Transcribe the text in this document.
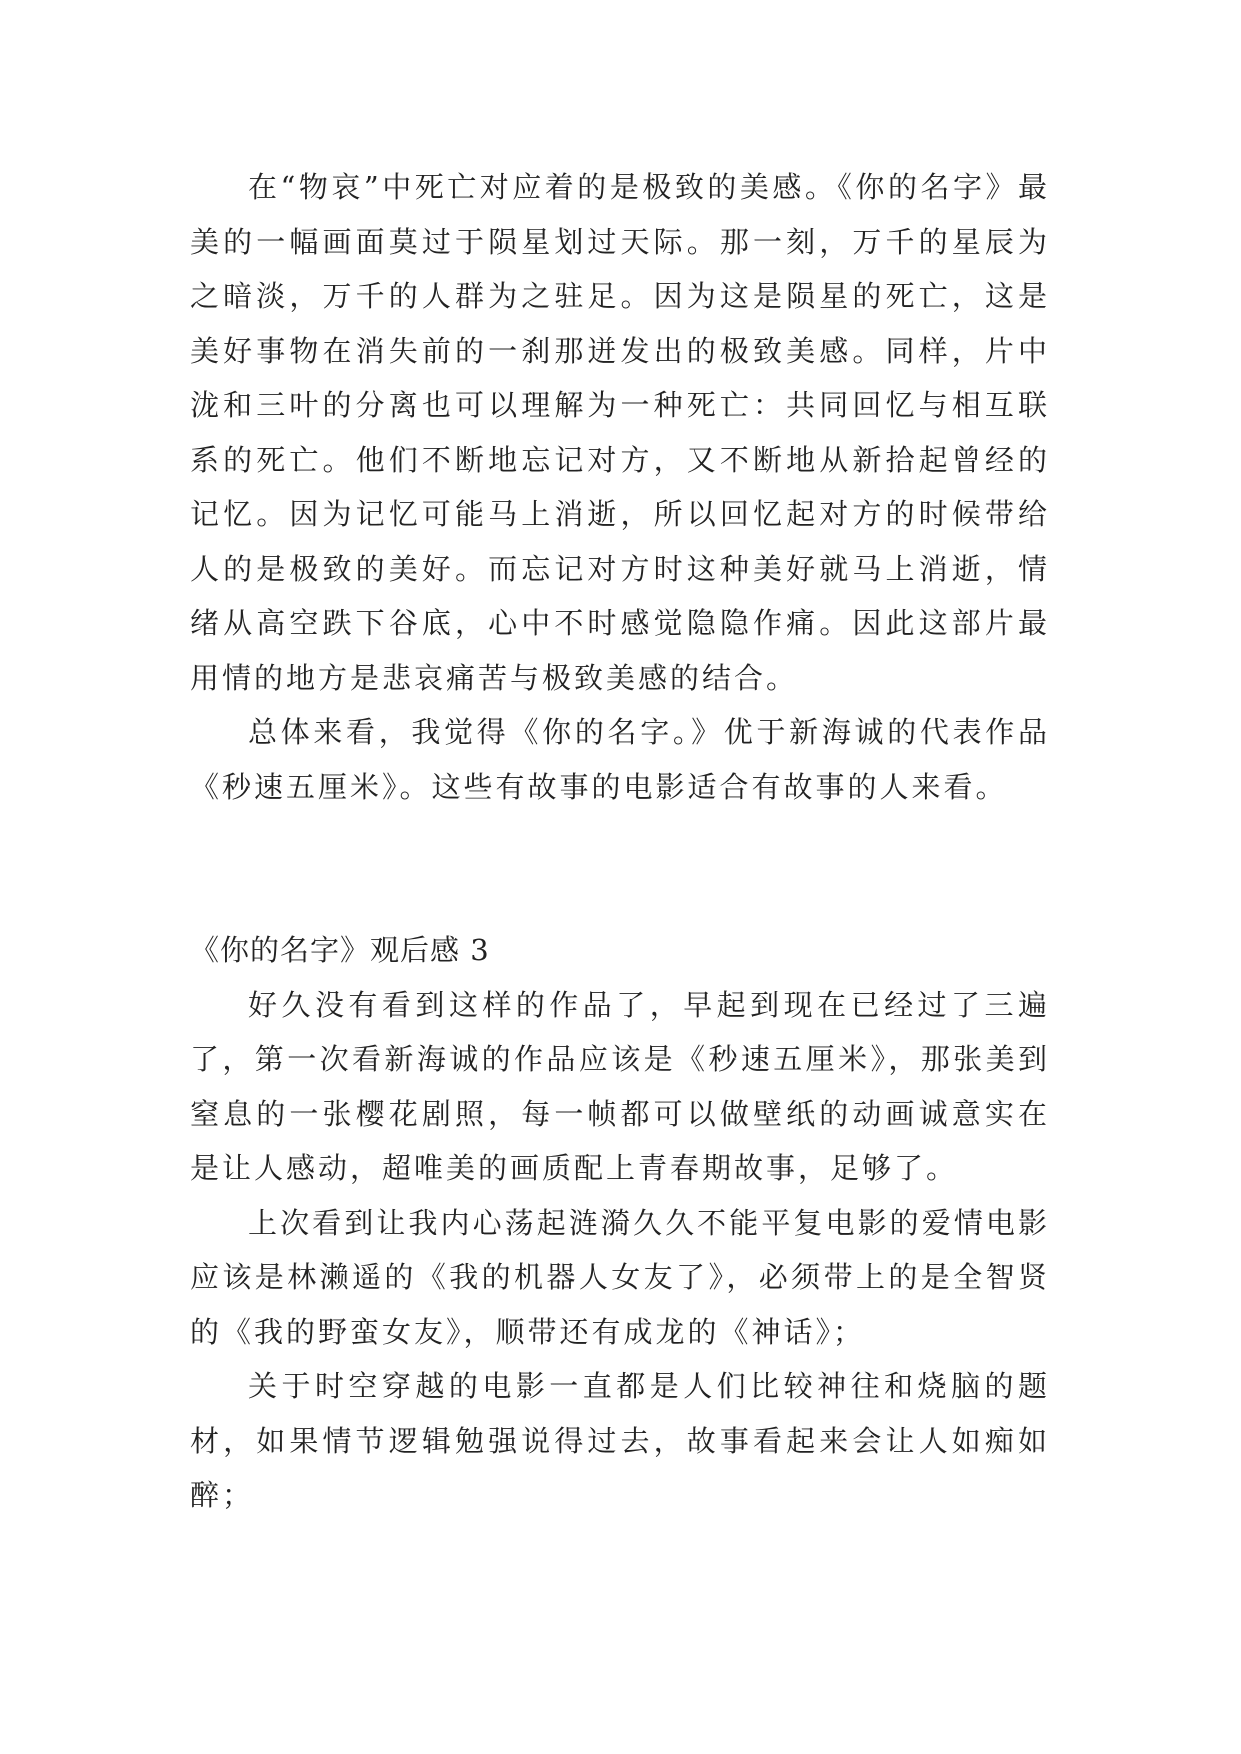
在“物哀”中死亡对应着的是极致的美感。《你的名字》最美的一幅画面莫过于陨星划过天际。那一刻，万千的星辰为之暗淡，万千的人群为之驻足。因为这是陨星的死亡，这是美好事物在消失前的一刹那迸发出的极致美感。同样，片中泷和三叶的分离也可以理解为一种死亡：共同回忆与相互联系的死亡。他们不断地忘记对方，又不断地从新拾起曾经的记忆。因为记忆可能马上消逝，所以回忆起对方的时候带给人的是极致的美好。而忘记对方时这种美好就马上消逝，情绪从高空跌下谷底，心中不时感觉隐隐作痛。因此这部片最用情的地方是悲哀痛苦与极致美感的结合。

总体来看，我觉得《你的名字。》优于新海诚的代表作品《秒速五厘米》。这些有故事的电影适合有故事的人来看。

《你的名字》观后感 3

好久没有看到这样的作品了，早起到现在已经过了三遍了，第一次看新海诚的作品应该是《秒速五厘米》，那张美到窒息的一张樱花剧照，每一帧都可以做壁纸的动画诚意实在是让人感动，超唯美的画质配上青春期故事，足够了。

上次看到让我内心荡起涟漪久久不能平复电影的爱情电影应该是林濑遥的《我的机器人女友了》，必须带上的是全智贤的《我的野蛮女友》，顺带还有成龙的《神话》；

关于时空穿越的电影一直都是人们比较神往和烧脑的题材，如果情节逻辑勉强说得过去，故事看起来会让人如痴如醉；
